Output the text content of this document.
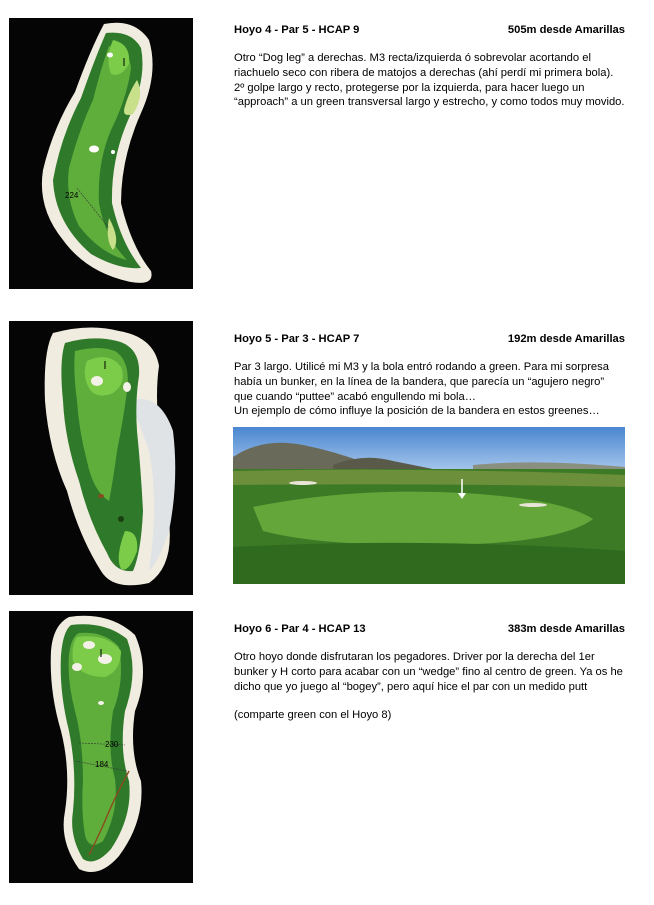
224
Hoyo 4 - Par 5 - HCAP 9	505m desde Amarillas

Otro “Dog leg” a derechas. M3 recta/izquierda ó sobrevolar acortando el riachuelo seco con ribera de matojos a derechas (ahí perdí mi primera bola). 2º golpe largo y recto, protegerse por la izquierda, para hacer luego un “approach” a un green transversal largo y estrecho, y como todos muy movido.

Hoyo 5 - Par 3 - HCAP 7	192m desde Amarillas

Par 3 largo. Utilicé mi M3 y la bola entró rodando a green. Para mi sorpresa había un bunker, en la línea de la bandera, que parecía un “agujero negro” que cuando “puttee” acabó engullendo mi bola…

Un ejemplo de cómo influye la posición de la bandera en estos greenes…

230
184
Hoyo 6 - Par 4 - HCAP 13	383m desde Amarillas

Otro hoyo donde disfrutaran los pegadores. Driver por la derecha del 1er bunker y H corto para acabar con un “wedge” fino al centro de green. Ya os he dicho que yo juego al “bogey”, pero aquí hice el par con un medido putt

(comparte green con el Hoyo 8)
